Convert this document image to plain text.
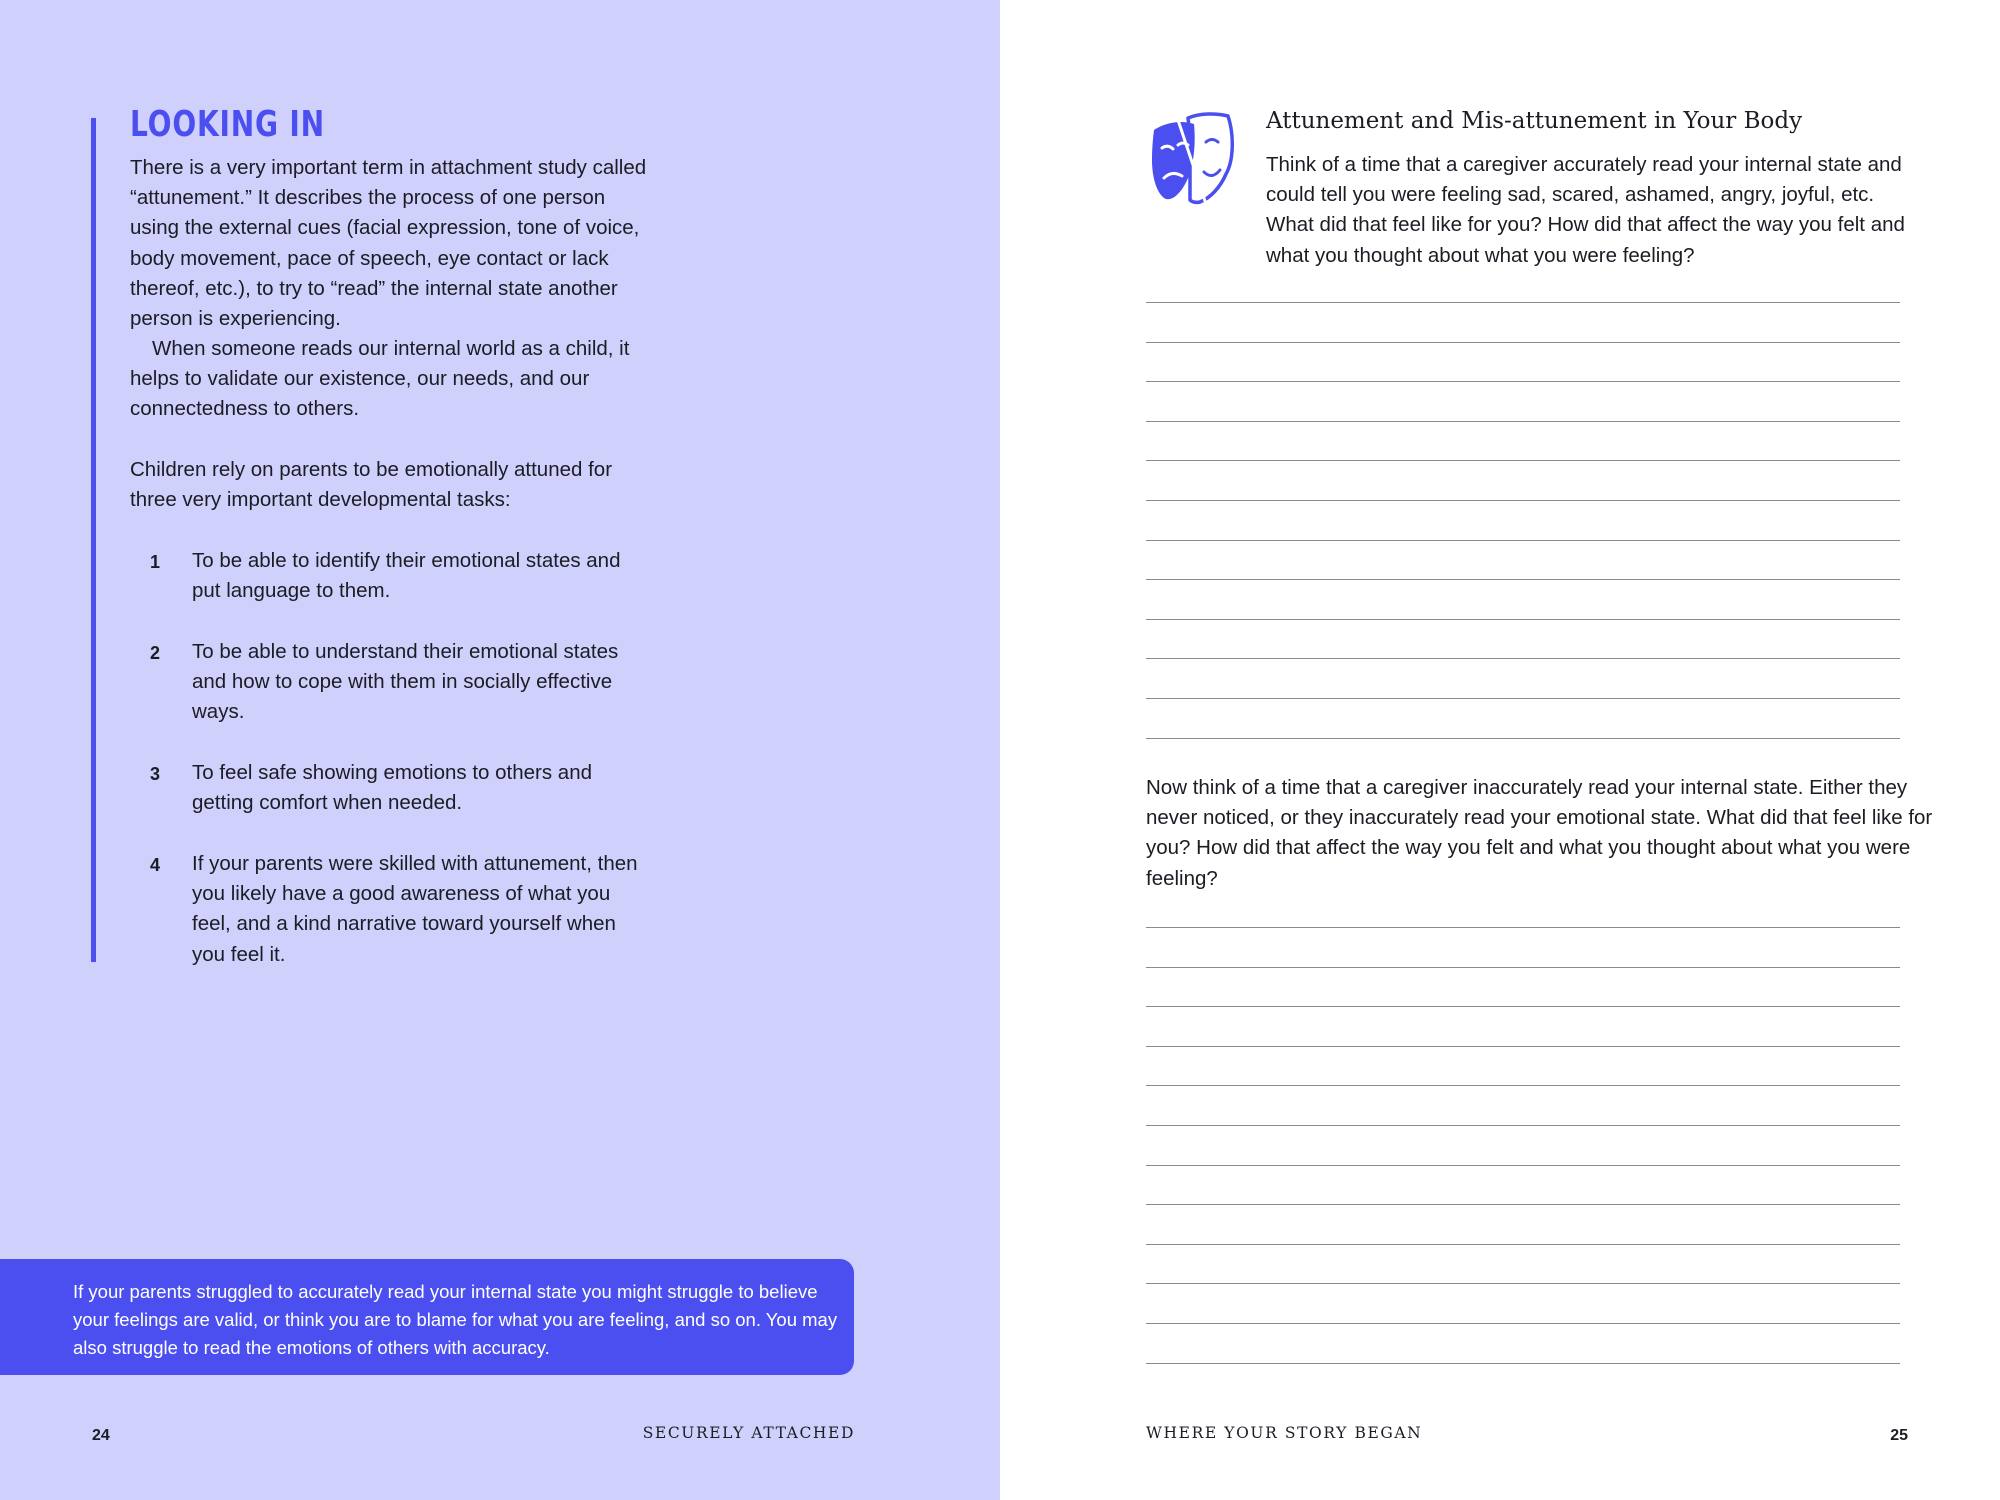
LOOKING IN

There is a very important term in attachment study called “attunement.” It describes the process of one person using the external cues (facial expression, tone of voice, body movement, pace of speech, eye contact or lack thereof, etc.), to try to “read” the internal state another person is experiencing.

When someone reads our internal world as a child, it helps to validate our existence, our needs, and our connectedness to others.

Children rely on parents to be emotionally attuned for three very important developmental tasks:

1 To be able to identify their emotional states and put language to them.
2 To be able to understand their emotional states and how to cope with them in socially effective ways.
3 To feel safe showing emotions to others and getting comfort when needed.
4 If your parents were skilled with attunement, then you likely have a good awareness of what you feel, and a kind narrative toward yourself when you feel it.

If your parents struggled to accurately read your internal state you might struggle to believe your feelings are valid, or think you are to blame for what you are feeling, and so on. You may also struggle to read the emotions of others with accuracy.

24	SECURELY ATTACHED
Attunement and Mis-attunement in Your Body

Think of a time that a caregiver accurately read your internal state and could tell you were feeling sad, scared, ashamed, angry, joyful, etc. What did that feel like for you? How did that affect the way you felt and what you thought about what you were feeling?

Now think of a time that a caregiver inaccurately read your internal state. Either they never noticed, or they inaccurately read your emotional state. What did that feel like for you? How did that affect the way you felt and what you thought about what you were feeling?

WHERE YOUR STORY BEGAN	25
